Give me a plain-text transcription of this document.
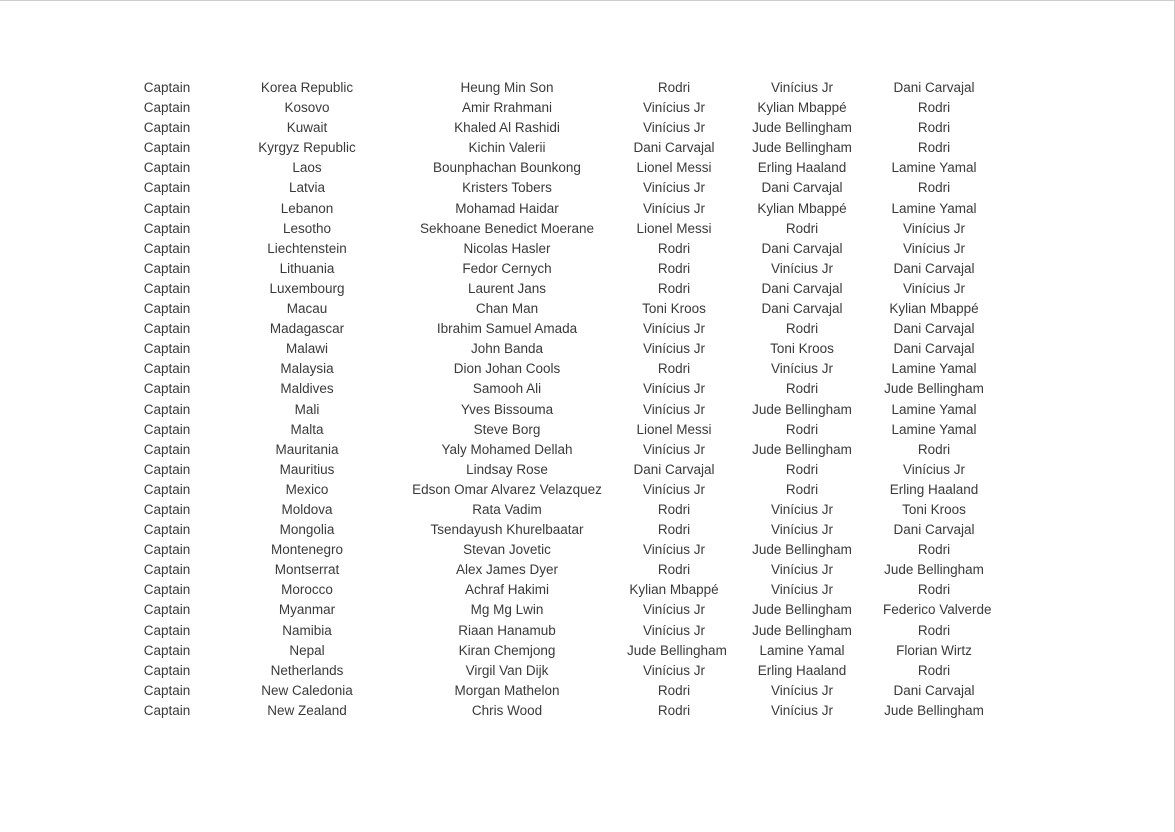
Captain	Korea Republic	Heung Min Son	Rodri	Vinícius Jr	Dani Carvajal
Captain	Kosovo	Amir Rrahmani	Vinícius Jr	Kylian Mbappé	Rodri
Captain	Kuwait	Khaled Al Rashidi	Vinícius Jr	Jude Bellingham	Rodri
Captain	Kyrgyz Republic	Kichin Valerii	Dani Carvajal	Jude Bellingham	Rodri
Captain	Laos	Bounphachan Bounkong	Lionel Messi	Erling Haaland	Lamine Yamal
Captain	Latvia	Kristers Tobers	Vinícius Jr	Dani Carvajal	Rodri
Captain	Lebanon	Mohamad Haidar	Vinícius Jr	Kylian Mbappé	Lamine Yamal
Captain	Lesotho	Sekhoane Benedict Moerane	Lionel Messi	Rodri	Vinícius Jr
Captain	Liechtenstein	Nicolas Hasler	Rodri	Dani Carvajal	Vinícius Jr
Captain	Lithuania	Fedor Cernych	Rodri	Vinícius Jr	Dani Carvajal
Captain	Luxembourg	Laurent Jans	Rodri	Dani Carvajal	Vinícius Jr
Captain	Macau	Chan Man	Toni Kroos	Dani Carvajal	Kylian Mbappé
Captain	Madagascar	Ibrahim Samuel Amada	Vinícius Jr	Rodri	Dani Carvajal
Captain	Malawi	John Banda	Vinícius Jr	Toni Kroos	Dani Carvajal
Captain	Malaysia	Dion Johan Cools	Rodri	Vinícius Jr	Lamine Yamal
Captain	Maldives	Samooh Ali	Vinícius Jr	Rodri	Jude Bellingham
Captain	Mali	Yves Bissouma	Vinícius Jr	Jude Bellingham	Lamine Yamal
Captain	Malta	Steve Borg	Lionel Messi	Rodri	Lamine Yamal
Captain	Mauritania	Yaly Mohamed Dellah	Vinícius Jr	Jude Bellingham	Rodri
Captain	Mauritius	Lindsay Rose	Dani Carvajal	Rodri	Vinícius Jr
Captain	Mexico	Edson Omar Alvarez Velazquez	Vinícius Jr	Rodri	Erling Haaland
Captain	Moldova	Rata Vadim	Rodri	Vinícius Jr	Toni Kroos
Captain	Mongolia	Tsendayush Khurelbaatar	Rodri	Vinícius Jr	Dani Carvajal
Captain	Montenegro	Stevan Jovetic	Vinícius Jr	Jude Bellingham	Rodri
Captain	Montserrat	Alex James Dyer	Rodri	Vinícius Jr	Jude Bellingham
Captain	Morocco	Achraf Hakimi	Kylian Mbappé	Vinícius Jr	Rodri
Captain	Myanmar	Mg Mg Lwin	Vinícius Jr	Jude Bellingham	Federico Valverde
Captain	Namibia	Riaan Hanamub	Vinícius Jr	Jude Bellingham	Rodri
Captain	Nepal	Kiran Chemjong	Jude Bellingham	Lamine Yamal	Florian Wirtz
Captain	Netherlands	Virgil Van Dijk	Vinícius Jr	Erling Haaland	Rodri
Captain	New Caledonia	Morgan Mathelon	Rodri	Vinícius Jr	Dani Carvajal
Captain	New Zealand	Chris Wood	Rodri	Vinícius Jr	Jude Bellingham
